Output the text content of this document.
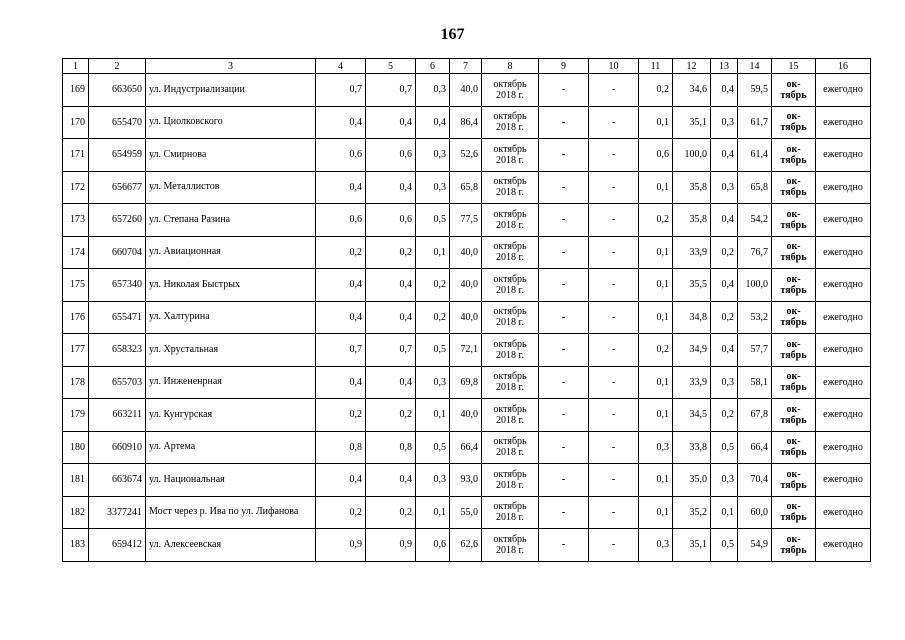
167
1	2	3	4	5	6	7	8	9	10	11	12	13	14	15	16
169	663650	ул. Индустриализации	0,7	0,7	0,3	40,0	октябрь 2018 г.	-	-	0,2	34,6	0,4	59,5	ок-тябрь	ежегодно
170	655470	ул. Циолковского	0,4	0,4	0,4	86,4	октябрь 2018 г.	-	-	0,1	35,1	0,3	61,7	ок-тябрь	ежегодно
171	654959	ул. Смирнова	0,6	0,6	0,3	52,6	октябрь 2018 г.	-	-	0,6	100,0	0,4	61,4	ок-тябрь	ежегодно
172	656677	ул. Металлистов	0,4	0,4	0,3	65,8	октябрь 2018 г.	-	-	0,1	35,8	0,3	65,8	ок-тябрь	ежегодно
173	657260	ул. Степана Разина	0,6	0,6	0,5	77,5	октябрь 2018 г.	-	-	0,2	35,8	0,4	54,2	ок-тябрь	ежегодно
174	660704	ул. Авиационная	0,2	0,2	0,1	40,0	октябрь 2018 г.	-	-	0,1	33,9	0,2	76,7	ок-тябрь	ежегодно
175	657340	ул. Николая Быстрых	0,4	0,4	0,2	40,0	октябрь 2018 г.	-	-	0,1	35,5	0,4	100,0	ок-тябрь	ежегодно
176	655471	ул. Халтурина	0,4	0,4	0,2	40,0	октябрь 2018 г.	-	-	0,1	34,8	0,2	53,2	ок-тябрь	ежегодно
177	658323	ул. Хрустальная	0,7	0,7	0,5	72,1	октябрь 2018 г.	-	-	0,2	34,9	0,4	57,7	ок-тябрь	ежегодно
178	655703	ул. Инжененрная	0,4	0,4	0,3	69,8	октябрь 2018 г.	-	-	0,1	33,9	0,3	58,1	ок-тябрь	ежегодно
179	663211	ул. Кунгурская	0,2	0,2	0,1	40,0	октябрь 2018 г.	-	-	0,1	34,5	0,2	67,8	ок-тябрь	ежегодно
180	660910	ул. Артема	0,8	0,8	0,5	66,4	октябрь 2018 г.	-	-	0,3	33,8	0,5	66,4	ок-тябрь	ежегодно
181	663674	ул. Национальная	0,4	0,4	0,3	93,0	октябрь 2018 г.	-	-	0,1	35,0	0,3	70,4	ок-тябрь	ежегодно
182	3377241	Мост через р. Ива по ул. Лифанова	0,2	0,2	0,1	55,0	октябрь 2018 г.	-	-	0,1	35,2	0,1	60,0	ок-тябрь	ежегодно
183	659412	ул. Алексеевская	0,9	0,9	0,6	62,6	октябрь 2018 г.	-	-	0,3	35,1	0,5	54,9	ок-тябрь	ежегодно
